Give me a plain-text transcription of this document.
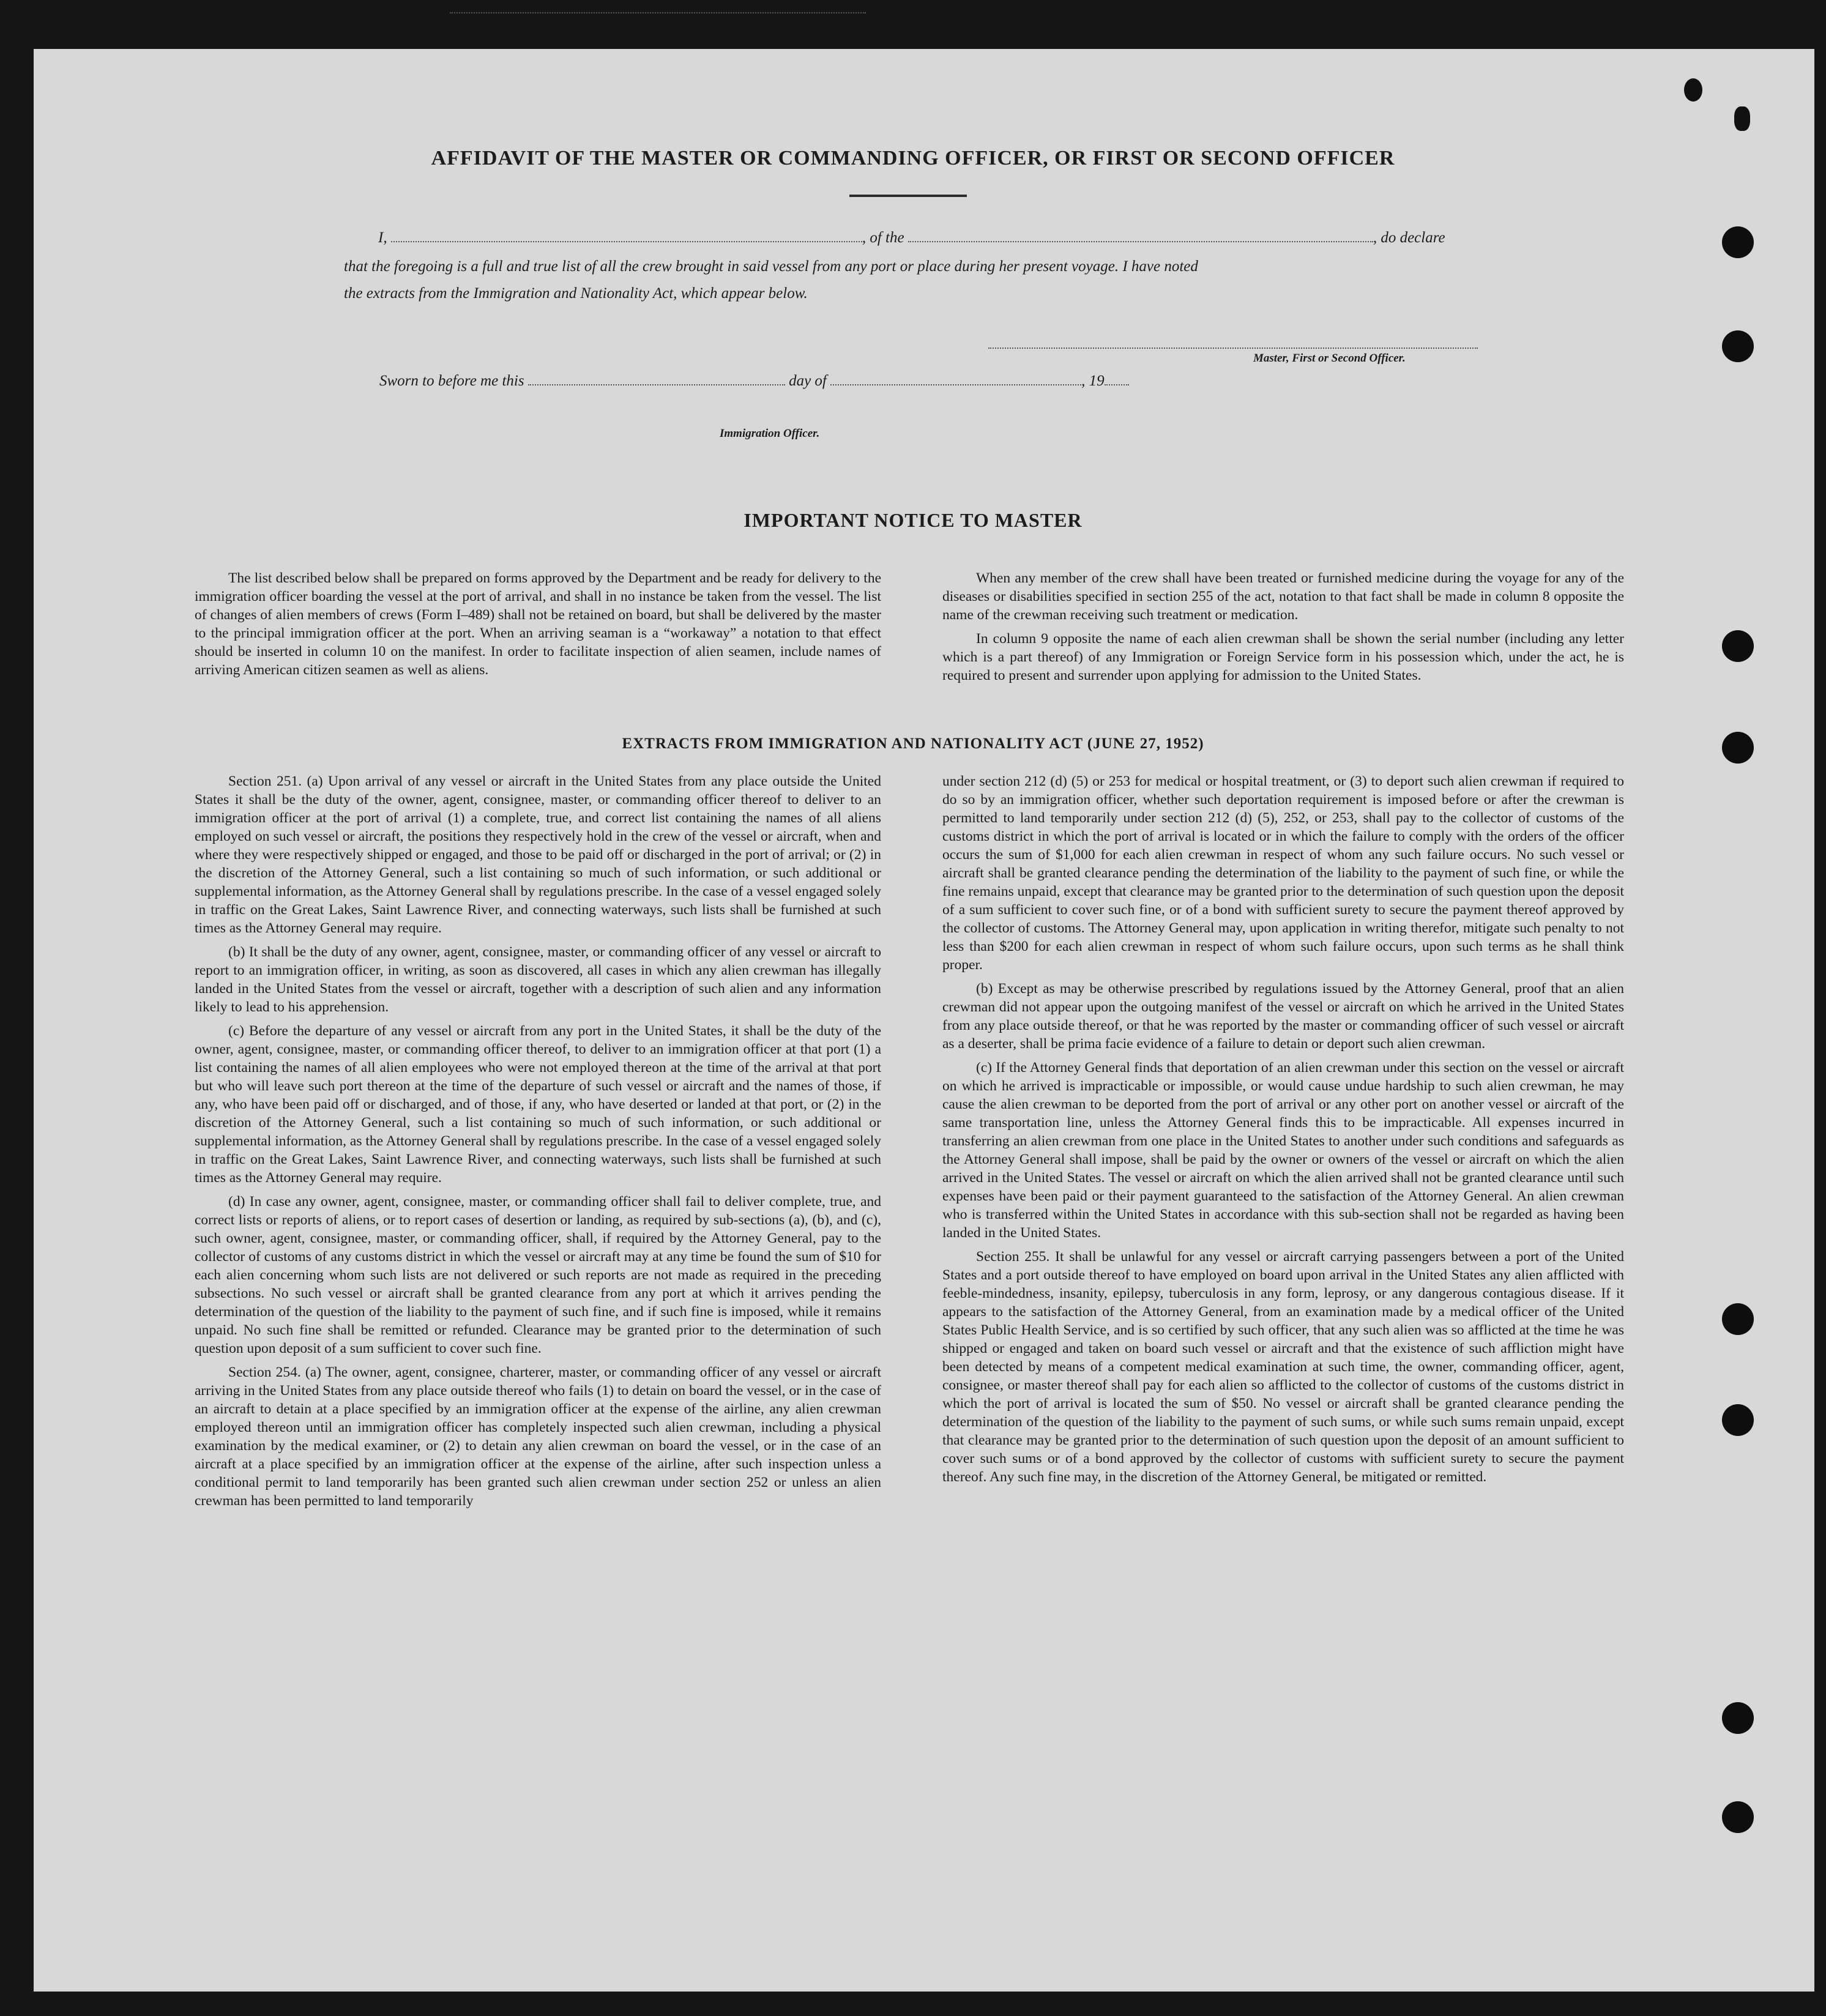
AFFIDAVIT OF THE MASTER OR COMMANDING OFFICER, OR FIRST OR SECOND OFFICER
I,	, of the	, do declare
that the foregoing is a full and true list of all the crew brought in said vessel from any port or place during her present voyage. I have noted
the extracts from the Immigration and Nationality Act, which appear below.
Master, First or Second Officer.
Sworn to before me this	day of	, 19
Immigration Officer.
IMPORTANT NOTICE TO MASTER

The list described below shall be prepared on forms approved by the Department and be ready for delivery to the immigration officer boarding the vessel at the port of arrival, and shall in no instance be taken from the vessel. The list of changes of alien members of crews (Form I–489) shall not be retained on board, but shall be delivered by the master to the principal immigration officer at the port. When an arriving seaman is a “workaway” a notation to that effect should be inserted in column 10 on the manifest. In order to facilitate inspection of alien seamen, include names of arriving American citizen seamen as well as aliens.

When any member of the crew shall have been treated or furnished medicine during the voyage for any of the diseases or disabilities specified in section 255 of the act, notation to that fact shall be made in column 8 opposite the name of the crewman receiving such treatment or medication.

In column 9 opposite the name of each alien crewman shall be shown the serial number (including any letter which is a part thereof) of any Immigration or Foreign Service form in his possession which, under the act, he is required to present and surrender upon applying for admission to the United States.

EXTRACTS FROM IMMIGRATION AND NATIONALITY ACT (JUNE 27, 1952)

Section 251. (a) Upon arrival of any vessel or aircraft in the United States from any place outside the United States it shall be the duty of the owner, agent, consignee, master, or commanding officer thereof to deliver to an immigration officer at the port of arrival (1) a complete, true, and correct list containing the names of all aliens employed on such vessel or aircraft, the positions they respectively hold in the crew of the vessel or aircraft, when and where they were respectively shipped or engaged, and those to be paid off or discharged in the port of arrival; or (2) in the discretion of the Attorney General, such a list containing so much of such information, or such additional or supplemental information, as the Attorney General shall by regulations prescribe. In the case of a vessel engaged solely in traffic on the Great Lakes, Saint Lawrence River, and connecting waterways, such lists shall be furnished at such times as the Attorney General may require.

(b) It shall be the duty of any owner, agent, consignee, master, or commanding officer of any vessel or aircraft to report to an immigration officer, in writing, as soon as discovered, all cases in which any alien crewman has illegally landed in the United States from the vessel or aircraft, together with a description of such alien and any information likely to lead to his apprehension.

(c) Before the departure of any vessel or aircraft from any port in the United States, it shall be the duty of the owner, agent, consignee, master, or commanding officer thereof, to deliver to an immigration officer at that port (1) a list containing the names of all alien employees who were not employed thereon at the time of the arrival at that port but who will leave such port thereon at the time of the departure of such vessel or aircraft and the names of those, if any, who have been paid off or discharged, and of those, if any, who have deserted or landed at that port, or (2) in the discretion of the Attorney General, such a list containing so much of such information, or such additional or supplemental information, as the Attorney General shall by regulations prescribe. In the case of a vessel engaged solely in traffic on the Great Lakes, Saint Lawrence River, and connecting waterways, such lists shall be furnished at such times as the Attorney General may require.

(d) In case any owner, agent, consignee, master, or commanding officer shall fail to deliver complete, true, and correct lists or reports of aliens, or to report cases of desertion or landing, as required by sub-sections (a), (b), and (c), such owner, agent, consignee, master, or commanding officer, shall, if required by the Attorney General, pay to the collector of customs of any customs district in which the vessel or aircraft may at any time be found the sum of $10 for each alien concerning whom such lists are not delivered or such reports are not made as required in the preceding subsections. No such vessel or aircraft shall be granted clearance from any port at which it arrives pending the determination of the question of the liability to the payment of such fine, and if such fine is imposed, while it remains unpaid. No such fine shall be remitted or refunded. Clearance may be granted prior to the determination of such question upon deposit of a sum sufficient to cover such fine.

Section 254. (a) The owner, agent, consignee, charterer, master, or commanding officer of any vessel or aircraft arriving in the United States from any place outside thereof who fails (1) to detain on board the vessel, or in the case of an aircraft to detain at a place specified by an immigration officer at the expense of the airline, any alien crewman employed thereon until an immigration officer has completely inspected such alien crewman, including a physical examination by the medical examiner, or (2) to detain any alien crewman on board the vessel, or in the case of an aircraft at a place specified by an immigration officer at the expense of the airline, after such inspection unless a conditional permit to land temporarily has been granted such alien crewman under section 252 or unless an alien crewman has been permitted to land temporarily

under section 212 (d) (5) or 253 for medical or hospital treatment, or (3) to deport such alien crewman if required to do so by an immigration officer, whether such deportation requirement is imposed before or after the crewman is permitted to land temporarily under section 212 (d) (5), 252, or 253, shall pay to the collector of customs of the customs district in which the port of arrival is located or in which the failure to comply with the orders of the officer occurs the sum of $1,000 for each alien crewman in respect of whom any such failure occurs. No such vessel or aircraft shall be granted clearance pending the determination of the liability to the payment of such fine, or while the fine remains unpaid, except that clearance may be granted prior to the determination of such question upon the deposit of a sum sufficient to cover such fine, or of a bond with sufficient surety to secure the payment thereof approved by the collector of customs. The Attorney General may, upon application in writing therefor, mitigate such penalty to not less than $200 for each alien crewman in respect of whom such failure occurs, upon such terms as he shall think proper.

(b) Except as may be otherwise prescribed by regulations issued by the Attorney General, proof that an alien crewman did not appear upon the outgoing manifest of the vessel or aircraft on which he arrived in the United States from any place outside thereof, or that he was reported by the master or commanding officer of such vessel or aircraft as a deserter, shall be prima facie evidence of a failure to detain or deport such alien crewman.

(c) If the Attorney General finds that deportation of an alien crewman under this section on the vessel or aircraft on which he arrived is impracticable or impossible, or would cause undue hardship to such alien crewman, he may cause the alien crewman to be deported from the port of arrival or any other port on another vessel or aircraft of the same transportation line, unless the Attorney General finds this to be impracticable. All expenses incurred in transferring an alien crewman from one place in the United States to another under such conditions and safeguards as the Attorney General shall impose, shall be paid by the owner or owners of the vessel or aircraft on which the alien arrived in the United States. The vessel or aircraft on which the alien arrived shall not be granted clearance until such expenses have been paid or their payment guaranteed to the satisfaction of the Attorney General. An alien crewman who is transferred within the United States in accordance with this sub-section shall not be regarded as having been landed in the United States.

Section 255. It shall be unlawful for any vessel or aircraft carrying passengers between a port of the United States and a port outside thereof to have employed on board upon arrival in the United States any alien afflicted with feeble-mindedness, insanity, epilepsy, tuberculosis in any form, leprosy, or any dangerous contagious disease. If it appears to the satisfaction of the Attorney General, from an examination made by a medical officer of the United States Public Health Service, and is so certified by such officer, that any such alien was so afflicted at the time he was shipped or engaged and taken on board such vessel or aircraft and that the existence of such affliction might have been detected by means of a competent medical examination at such time, the owner, commanding officer, agent, consignee, or master thereof shall pay for each alien so afflicted to the collector of customs of the customs district in which the port of arrival is located the sum of $50. No vessel or aircraft shall be granted clearance pending the determination of the question of the liability to the payment of such sums, or while such sums remain unpaid, except that clearance may be granted prior to the determination of such question upon the deposit of an amount sufficient to cover such sums or of a bond approved by the collector of customs with sufficient surety to secure the payment thereof. Any such fine may, in the discretion of the Attorney General, be mitigated or remitted.
